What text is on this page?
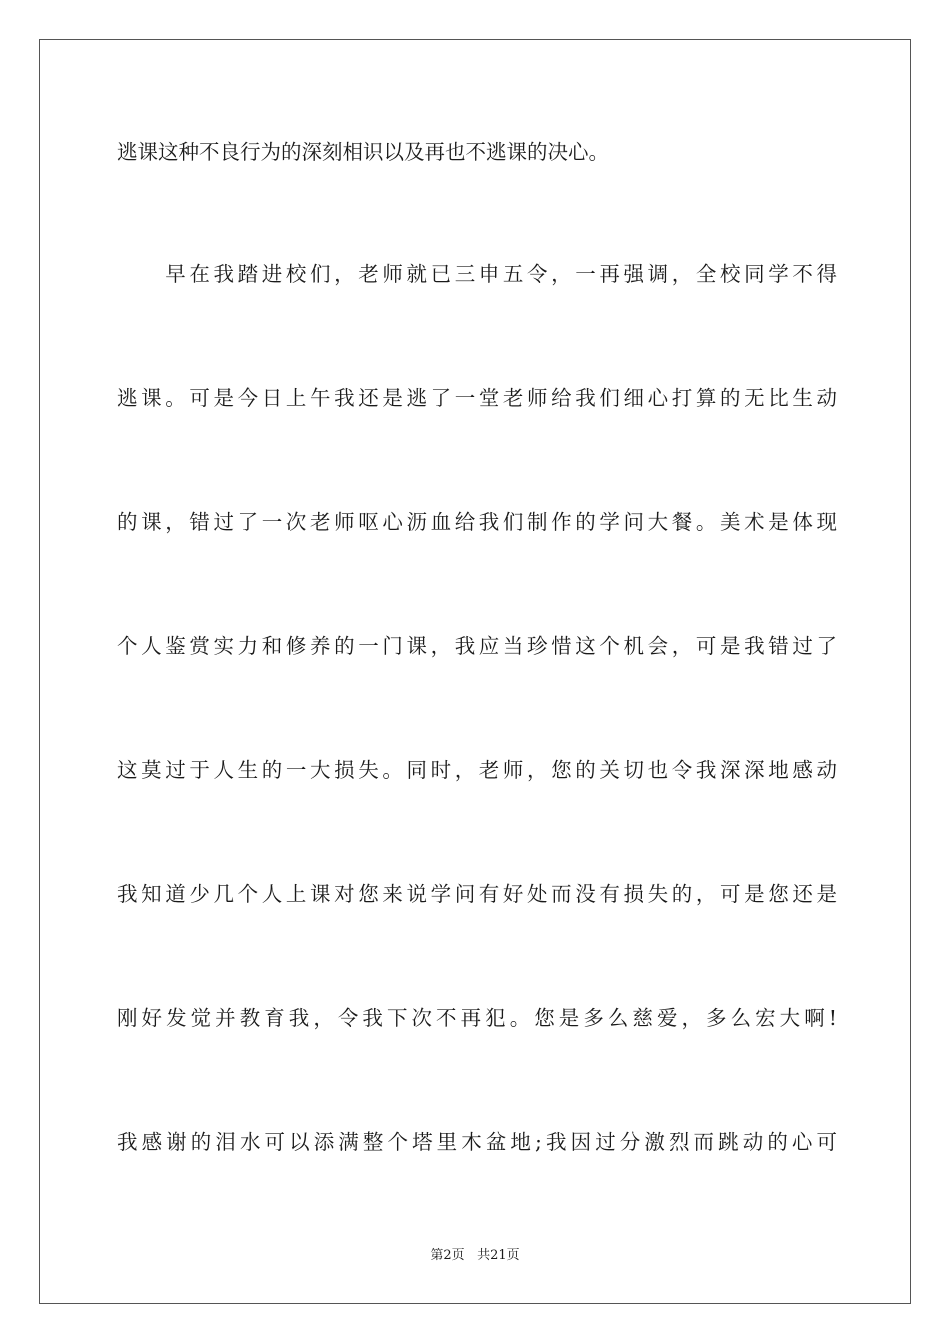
逃课这种不良行为的深刻相识以及再也不逃课的决心。
　　早在我踏进校们，老师就已三申五令，一再强调，全校同学不得
逃课。可是今日上午我还是逃了一堂老师给我们细心打算的无比生动
的课，错过了一次老师呕心沥血给我们制作的学问大餐。美术是体现
个人鉴赏实力和修养的一门课，我应当珍惜这个机会，可是我错过了
这莫过于人生的一大损失。同时，老师，您的关切也令我深深地感动
我知道少几个人上课对您来说学问有好处而没有损失的，可是您还是
刚好发觉并教育我，令我下次不再犯。您是多么慈爱，多么宏大啊!
我感谢的泪水可以添满整个塔里木盆地;我因过分激烈而跳动的心可
第2页 共21页
